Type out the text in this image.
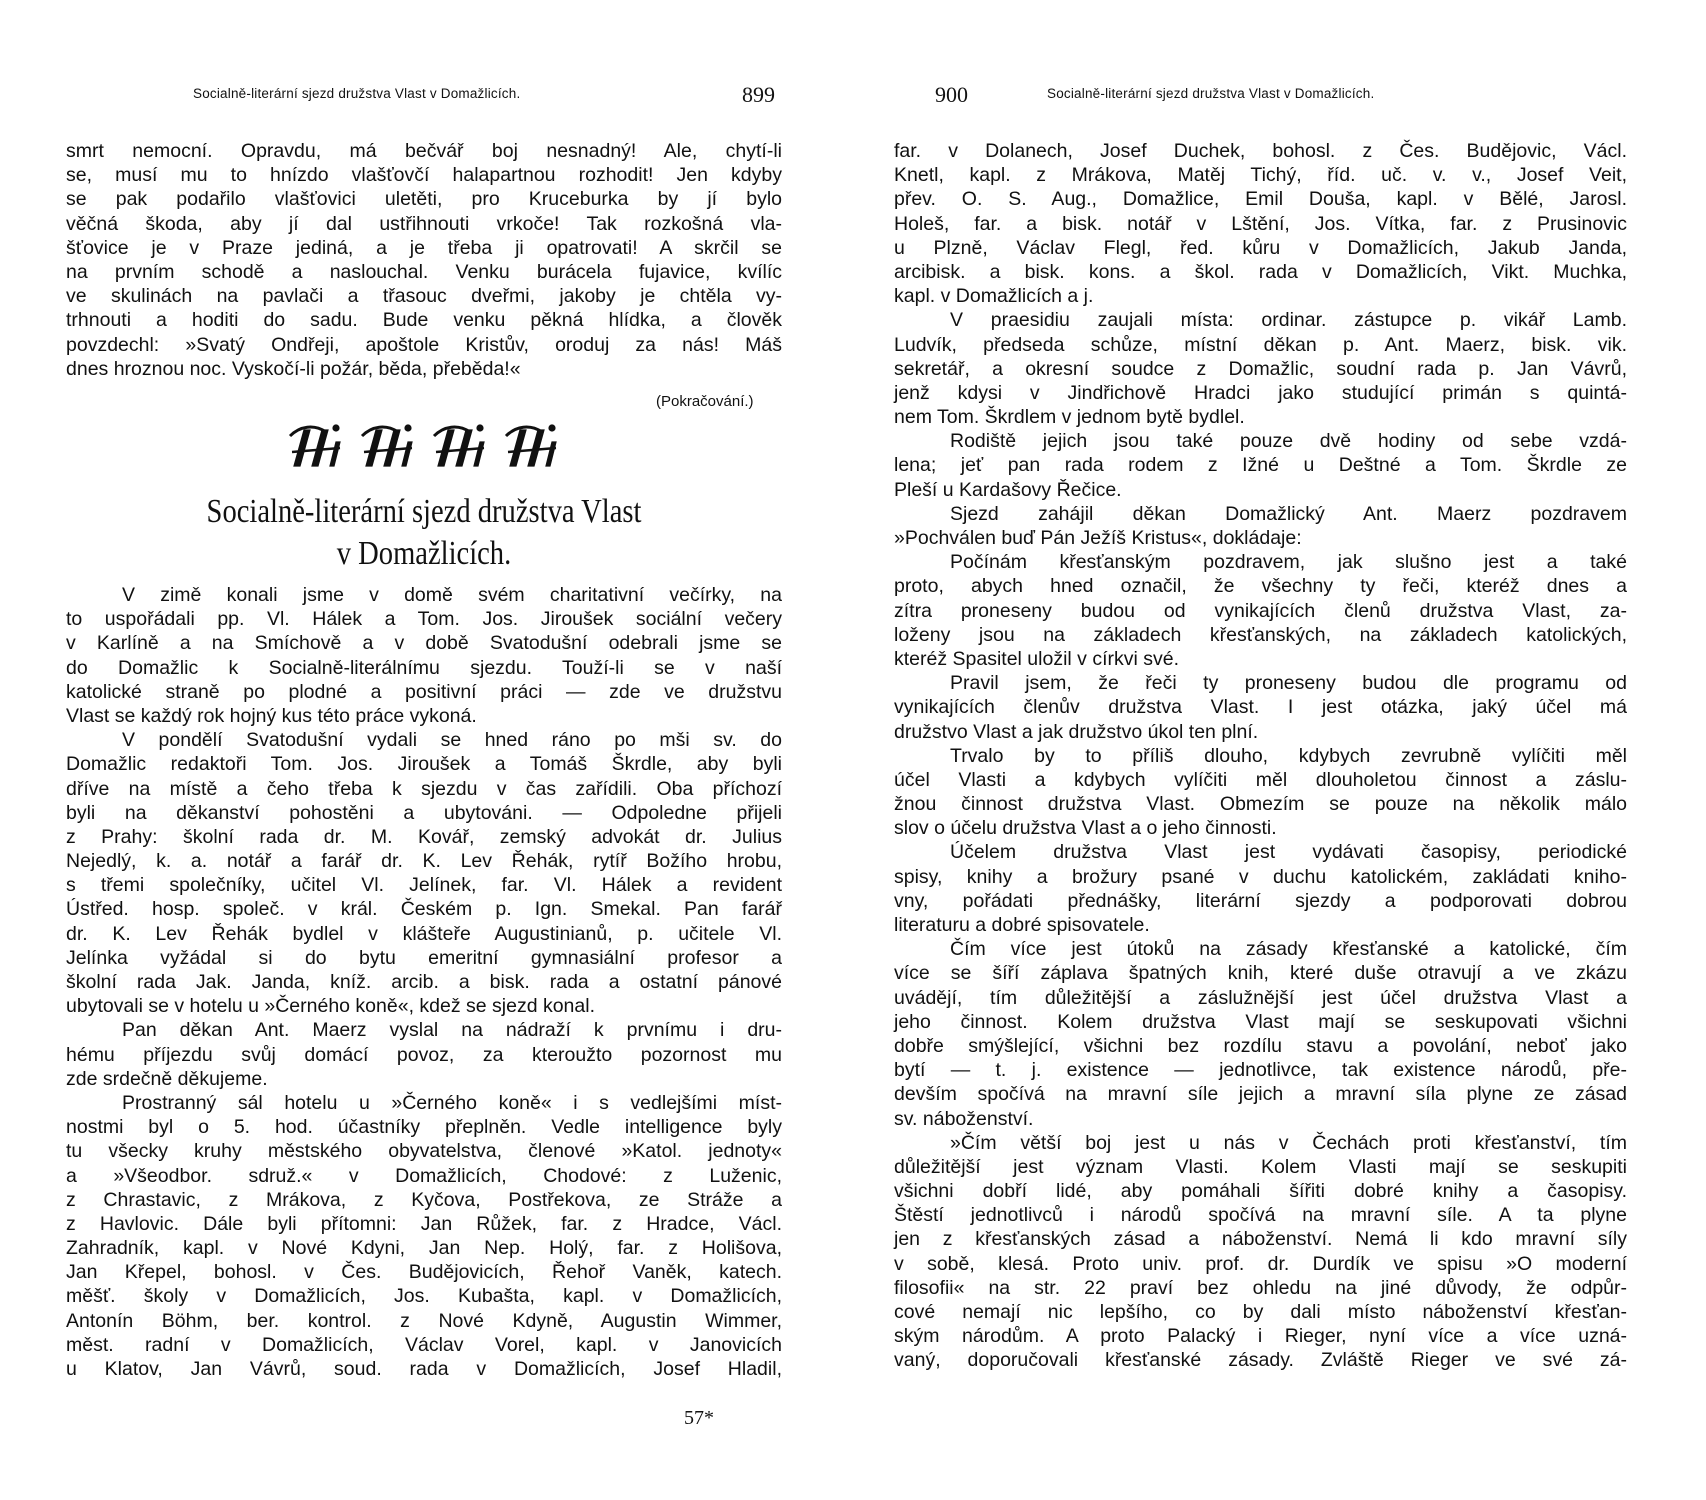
Socialně-literární sjezd družstva Vlast v Domažlicích.	899
smrt nemocní. Opravdu, má bečvář boj nesnadný! Ale, chytí-li
se, musí mu to hnízdo vlašťovčí halapartnou rozhodit! Jen kdyby
se pak podařilo vlašťovici uletěti, pro Kruceburka by jí bylo
věčná škoda, aby jí dal ustřihnouti vrkoče! Tak rozkošná vla-
šťovice je v Praze jediná, a je třeba ji opatrovati! A skrčil se
na prvním schodě a naslouchal. Venku burácela fujavice, kvílíc
ve skulinách na pavlači a třasouc dveřmi, jakoby je chtěla vy-
trhnouti a hoditi do sadu. Bude venku pěkná hlídka, a člověk
povzdechl: »Svatý Ondřeji, apoštole Kristův, oroduj za nás! Máš
dnes hroznou noc. Vyskočí-li požár, běda, přeběda!«
(Pokračování.)
Socialně-literární sjezd družstva Vlast
v Domažlicích.
V zimě konali jsme v domě svém charitativní večírky, na
to uspořádali pp. Vl. Hálek a Tom. Jos. Jiroušek sociální večery
v Karlíně a na Smíchově a v době Svatodušní odebrali jsme se
do Domažlic k Socialně-literálnímu sjezdu. Touží-li se v naší
katolické straně po plodné a positivní práci — zde ve družstvu
Vlast se každý rok hojný kus této práce vykoná.
V pondělí Svatodušní vydali se hned ráno po mši sv. do
Domažlic redaktoři Tom. Jos. Jiroušek a Tomáš Škrdle, aby byli
dříve na místě a čeho třeba k sjezdu v čas zařídili. Oba příchozí
byli na děkanství pohostěni a ubytováni. — Odpoledne přijeli
z Prahy: školní rada dr. M. Kovář, zemský advokát dr. Julius
Nejedlý, k. a. notář a farář dr. K. Lev Řehák, rytíř Božího hrobu,
s třemi společníky, učitel Vl. Jelínek, far. Vl. Hálek a revident
Ústřed. hosp. společ. v král. Českém p. Ign. Smekal. Pan farář
dr. K. Lev Řehák bydlel v klášteře Augustinianů, p. učitele Vl.
Jelínka vyžádal si do bytu emeritní gymnasiální profesor a
školní rada Jak. Janda, kníž. arcib. a bisk. rada a ostatní pánové
ubytovali se v hotelu u »Černého koně«, kdež se sjezd konal.
Pan děkan Ant. Maerz vyslal na nádraží k prvnímu i dru-
hému příjezdu svůj domácí povoz, za kteroužto pozornost mu
zde srdečně děkujeme.
Prostranný sál hotelu u »Černého koně« i s vedlejšími míst-
nostmi byl o 5. hod. účastníky přeplněn. Vedle intelligence byly
tu všecky kruhy městského obyvatelstva, členové »Katol. jednoty«
a »Všeodbor. sdruž.« v Domažlicích, Chodové: z Luženic,
z Chrastavic, z Mrákova, z Kyčova, Postřekova, ze Stráže a
z Havlovic. Dále byli přítomni: Jan Růžek, far. z Hradce, Václ.
Zahradník, kapl. v Nové Kdyni, Jan Nep. Holý, far. z Holišova,
Jan Křepel, bohosl. v Čes. Budějovicích, Řehoř Vaněk, katech.
měšť. školy v Domažlicích, Jos. Kubašta, kapl. v Domažlicích,
Antonín Böhm, ber. kontrol. z Nové Kdyně, Augustin Wimmer,
měst. radní v Domažlicích, Václav Vorel, kapl. v Janovicích
u Klatov, Jan Vávrů, soud. rada v Domažlicích, Josef Hladil,
57*
900	Socialně-literární sjezd družstva Vlast v Domažlicích.
far. v Dolanech, Josef Duchek, bohosl. z Čes. Budějovic, Václ.
Knetl, kapl. z Mrákova, Matěj Tichý, říd. uč. v. v., Josef Veit,
přev. O. S. Aug., Domažlice, Emil Douša, kapl. v Bělé, Jarosl.
Holeš, far. a bisk. notář v Lštění, Jos. Vítka, far. z Prusinovic
u Plzně, Václav Flegl, řed. kůru v Domažlicích, Jakub Janda,
arcibisk. a bisk. kons. a škol. rada v Domažlicích, Vikt. Muchka,
kapl. v Domažlicích a j.
V praesidiu zaujali místa: ordinar. zástupce p. vikář Lamb.
Ludvík, předseda schůze, místní děkan p. Ant. Maerz, bisk. vik.
sekretář, a okresní soudce z Domažlic, soudní rada p. Jan Vávrů,
jenž kdysi v Jindřichově Hradci jako studující primán s quintá-
nem Tom. Škrdlem v jednom bytě bydlel.
Rodiště jejich jsou také pouze dvě hodiny od sebe vzdá-
lena; jeť pan rada rodem z Ižné u Deštné a Tom. Škrdle ze
Pleší u Kardašovy Řečice.
Sjezd zahájil děkan Domažlický Ant. Maerz pozdravem
»Pochválen buď Pán Ježíš Kristus«, dokládaje:
Počínám křesťanským pozdravem, jak slušno jest a také
proto, abych hned označil, že všechny ty řeči, kteréž dnes a
zítra proneseny budou od vynikajících členů družstva Vlast, za-
loženy jsou na základech křesťanských, na základech katolických,
kteréž Spasitel uložil v církvi své.
Pravil jsem, že řeči ty proneseny budou dle programu od
vynikajících členův družstva Vlast. I jest otázka, jaký účel má
družstvo Vlast a jak družstvo úkol ten plní.
Trvalo by to příliš dlouho, kdybych zevrubně vylíčiti měl
účel Vlasti a kdybych vylíčiti měl dlouholetou činnost a záslu-
žnou činnost družstva Vlast. Obmezím se pouze na několik málo
slov o účelu družstva Vlast a o jeho činnosti.
Účelem družstva Vlast jest vydávati časopisy, periodické
spisy, knihy a brožury psané v duchu katolickém, zakládati kniho-
vny, pořádati přednášky, literární sjezdy a podporovati dobrou
literaturu a dobré spisovatele.
Čím více jest útoků na zásady křesťanské a katolické, čím
více se šíří záplava špatných knih, které duše otravují a ve zkázu
uvádějí, tím důležitější a záslužnější jest účel družstva Vlast a
jeho činnost. Kolem družstva Vlast mají se seskupovati všichni
dobře smýšlející, všichni bez rozdílu stavu a povolání, neboť jako
bytí — t. j. existence — jednotlivce, tak existence národů, pře-
devším spočívá na mravní síle jejich a mravní síla plyne ze zásad
sv. náboženství.
»Čím větší boj jest u nás v Čechách proti křesťanství, tím
důležitější jest význam Vlasti. Kolem Vlasti mají se seskupiti
všichni dobří lidé, aby pomáhali šířiti dobré knihy a časopisy.
Štěstí jednotlivců i národů spočívá na mravní síle. A ta plyne
jen z křesťanských zásad a náboženství. Nemá li kdo mravní síly
v sobě, klesá. Proto univ. prof. dr. Durdík ve spisu »O moderní
filosofii« na str. 22 praví bez ohledu na jiné důvody, že odpůr-
cové nemají nic lepšího, co by dali místo náboženství křesťan-
ským národům. A proto Palacký i Rieger, nyní více a více uzná-
vaný, doporučovali křesťanské zásady. Zvláště Rieger ve své zá-
